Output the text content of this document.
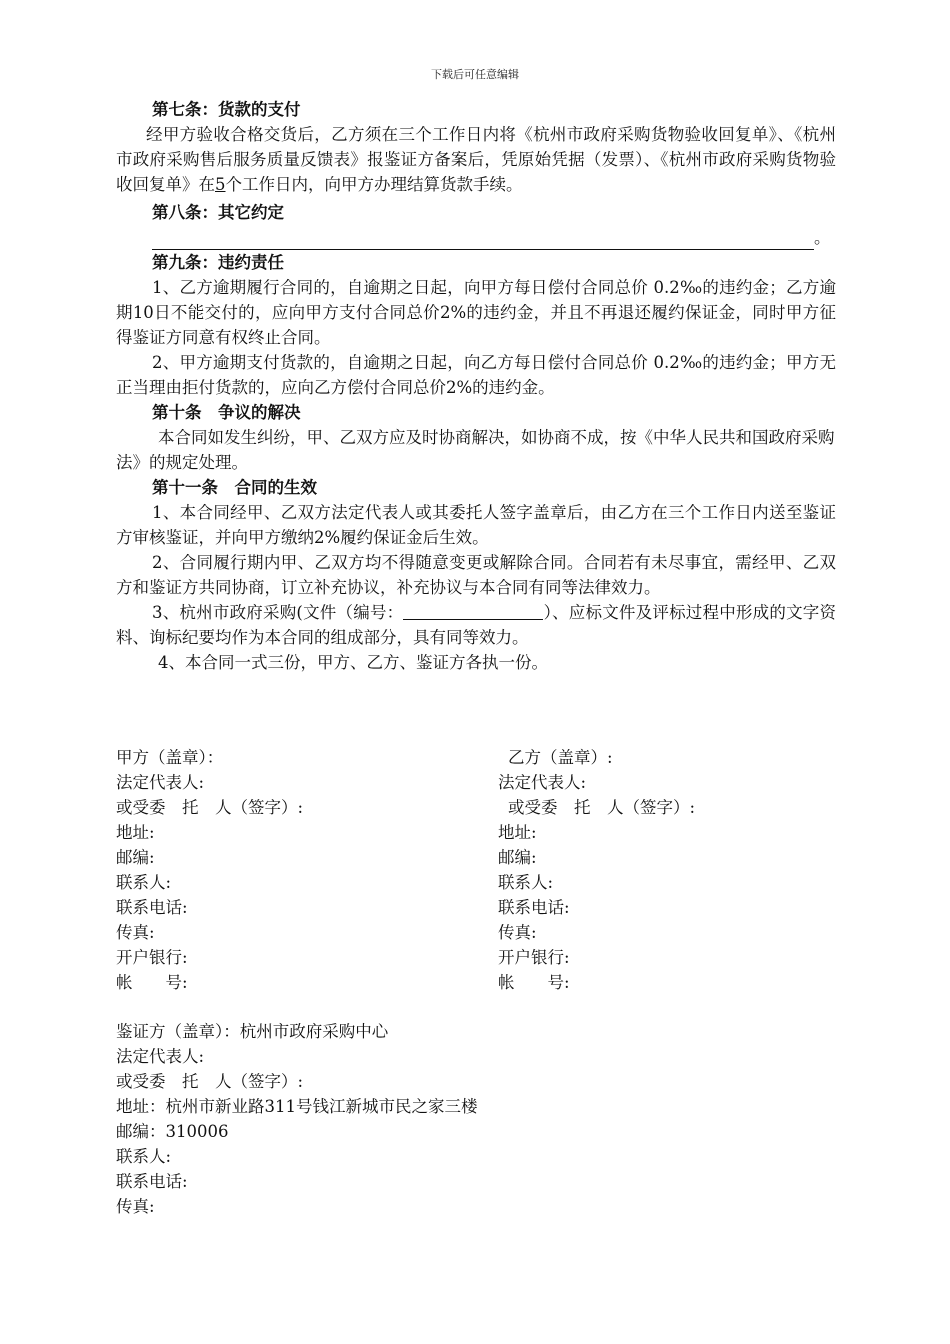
下载后可任意编辑

第七条：货款的支付

经甲方验收合格交货后，乙方须在三个工作日内将《杭州市政府采购货物验收回复单》、《杭州市政府采购售后服务质量反馈表》报鉴证方备案后，凭原始凭据（发票）、《杭州市政府采购货物验收回复单》在5个工作日内，向甲方办理结算货款手续。

第八条：其它约定

。

第九条：违约责任

1、乙方逾期履行合同的，自逾期之日起，向甲方每日偿付合同总价 0.2‰的违约金；乙方逾期10日不能交付的，应向甲方支付合同总价2%的违约金，并且不再退还履约保证金，同时甲方征得鉴证方同意有权终止合同。

2、甲方逾期支付货款的，自逾期之日起，向乙方每日偿付合同总价 0.2‰的违约金；甲方无正当理由拒付货款的，应向乙方偿付合同总价2%的违约金。

第十条　争议的解决

本合同如发生纠纷，甲、乙双方应及时协商解决，如协商不成，按《中华人民共和国政府采购法》的规定处理。

第十一条　合同的生效

1、本合同经甲、乙双方法定代表人或其委托人签字盖章后，由乙方在三个工作日内送至鉴证方审核鉴证，并向甲方缴纳2%履约保证金后生效。

2、合同履行期内甲、乙双方均不得随意变更或解除合同。合同若有未尽事宜，需经甲、乙双方和鉴证方共同协商，订立补充协议，补充协议与本合同有同等法律效力。

3、杭州市政府采购(文件（编号：	）、应标文件及评标过程中形成的文字资料、询标纪要均作为本合同的组成部分，具有同等效力。

4、本合同一式三份，甲方、乙方、鉴证方各执一份。

甲方（盖章）：	乙方（盖章）:
法定代表人:	法定代表人:
或受委　托　人（签字）:	或受委　托　人（签字）:
地址:	地址:
邮编:	邮编:
联系人:	联系人:
联系电话:	联系电话:
传真:	传真:
开户银行:	开户银行:
帐　　号:	帐　　号:

鉴证方（盖章）：杭州市政府采购中心

法定代表人:

或受委　托　人（签字）:

地址：杭州市新业路311号钱江新城市民之家三楼

邮编：310006

联系人:

联系电话:

传真:
